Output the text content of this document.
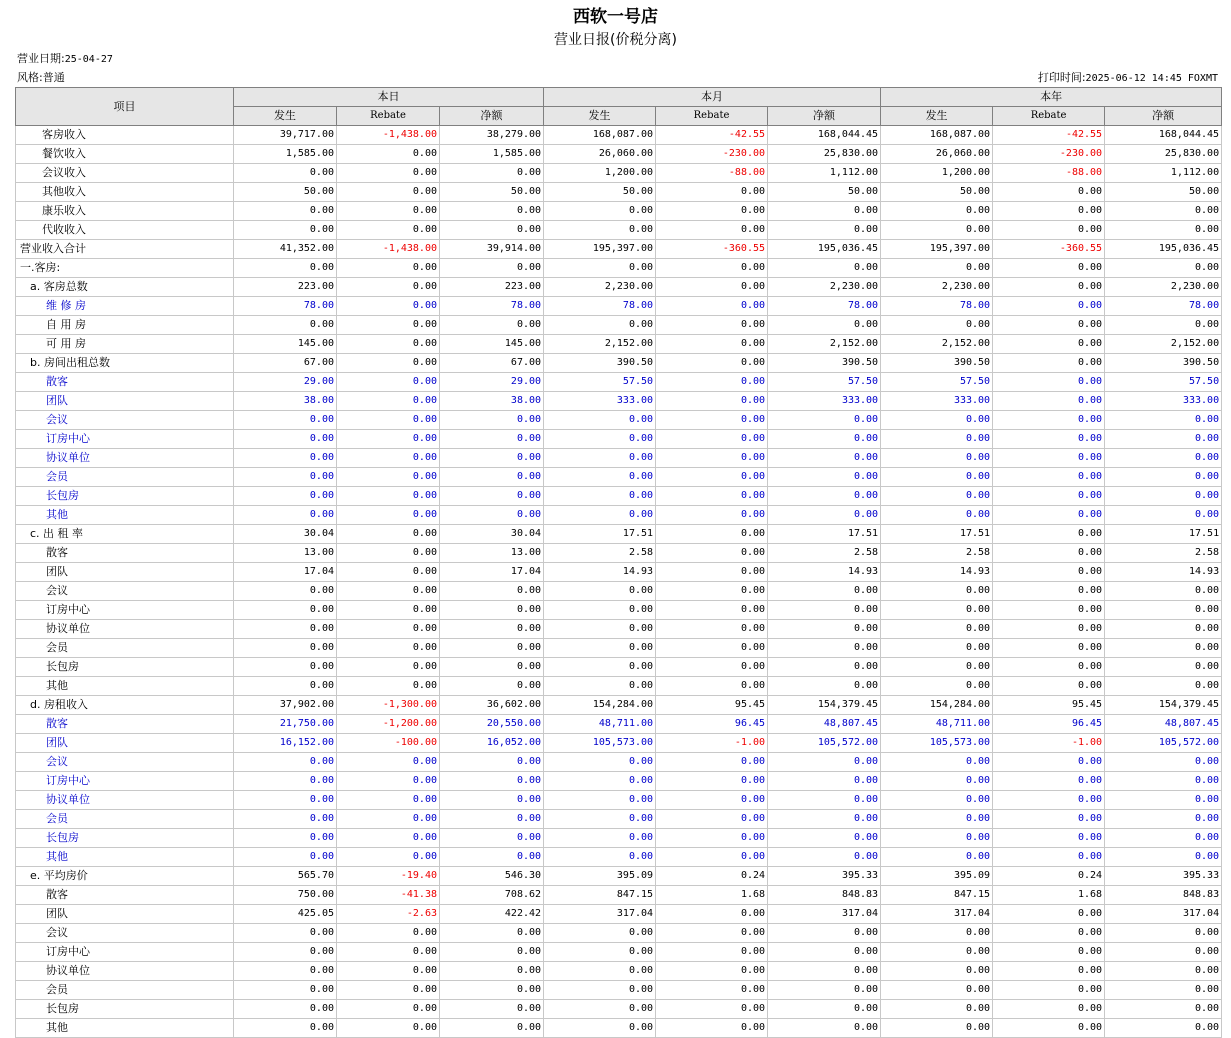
西软一号店
营业日报(价税分离)
营业日期:25-04-27
风格:普通	打印时间:2025-06-12 14:45 FOXMT
项目	本日			本月			本年		
	发生	Rebate	净额	发生	Rebate	净额	发生	Rebate	净额
客房收入	39,717.00	-1,438.00	38,279.00	168,087.00	-42.55	168,044.45	168,087.00	-42.55	168,044.45
餐饮收入	1,585.00	0.00	1,585.00	26,060.00	-230.00	25,830.00	26,060.00	-230.00	25,830.00
会议收入	0.00	0.00	0.00	1,200.00	-88.00	1,112.00	1,200.00	-88.00	1,112.00
其他收入	50.00	0.00	50.00	50.00	0.00	50.00	50.00	0.00	50.00
康乐收入	0.00	0.00	0.00	0.00	0.00	0.00	0.00	0.00	0.00
代收收入	0.00	0.00	0.00	0.00	0.00	0.00	0.00	0.00	0.00
营业收入合计	41,352.00	-1,438.00	39,914.00	195,397.00	-360.55	195,036.45	195,397.00	-360.55	195,036.45
一.客房:	0.00	0.00	0.00	0.00	0.00	0.00	0.00	0.00	0.00
a. 客房总数	223.00	0.00	223.00	2,230.00	0.00	2,230.00	2,230.00	0.00	2,230.00
维 修 房	78.00	0.00	78.00	78.00	0.00	78.00	78.00	0.00	78.00
自 用 房	0.00	0.00	0.00	0.00	0.00	0.00	0.00	0.00	0.00
可 用 房	145.00	0.00	145.00	2,152.00	0.00	2,152.00	2,152.00	0.00	2,152.00
b. 房间出租总数	67.00	0.00	67.00	390.50	0.00	390.50	390.50	0.00	390.50
散客	29.00	0.00	29.00	57.50	0.00	57.50	57.50	0.00	57.50
团队	38.00	0.00	38.00	333.00	0.00	333.00	333.00	0.00	333.00
会议	0.00	0.00	0.00	0.00	0.00	0.00	0.00	0.00	0.00
订房中心	0.00	0.00	0.00	0.00	0.00	0.00	0.00	0.00	0.00
协议单位	0.00	0.00	0.00	0.00	0.00	0.00	0.00	0.00	0.00
会员	0.00	0.00	0.00	0.00	0.00	0.00	0.00	0.00	0.00
长包房	0.00	0.00	0.00	0.00	0.00	0.00	0.00	0.00	0.00
其他	0.00	0.00	0.00	0.00	0.00	0.00	0.00	0.00	0.00
c. 出 租 率	30.04	0.00	30.04	17.51	0.00	17.51	17.51	0.00	17.51
散客	13.00	0.00	13.00	2.58	0.00	2.58	2.58	0.00	2.58
团队	17.04	0.00	17.04	14.93	0.00	14.93	14.93	0.00	14.93
会议	0.00	0.00	0.00	0.00	0.00	0.00	0.00	0.00	0.00
订房中心	0.00	0.00	0.00	0.00	0.00	0.00	0.00	0.00	0.00
协议单位	0.00	0.00	0.00	0.00	0.00	0.00	0.00	0.00	0.00
会员	0.00	0.00	0.00	0.00	0.00	0.00	0.00	0.00	0.00
长包房	0.00	0.00	0.00	0.00	0.00	0.00	0.00	0.00	0.00
其他	0.00	0.00	0.00	0.00	0.00	0.00	0.00	0.00	0.00
d. 房租收入	37,902.00	-1,300.00	36,602.00	154,284.00	95.45	154,379.45	154,284.00	95.45	154,379.45
散客	21,750.00	-1,200.00	20,550.00	48,711.00	96.45	48,807.45	48,711.00	96.45	48,807.45
团队	16,152.00	-100.00	16,052.00	105,573.00	-1.00	105,572.00	105,573.00	-1.00	105,572.00
会议	0.00	0.00	0.00	0.00	0.00	0.00	0.00	0.00	0.00
订房中心	0.00	0.00	0.00	0.00	0.00	0.00	0.00	0.00	0.00
协议单位	0.00	0.00	0.00	0.00	0.00	0.00	0.00	0.00	0.00
会员	0.00	0.00	0.00	0.00	0.00	0.00	0.00	0.00	0.00
长包房	0.00	0.00	0.00	0.00	0.00	0.00	0.00	0.00	0.00
其他	0.00	0.00	0.00	0.00	0.00	0.00	0.00	0.00	0.00
e. 平均房价	565.70	-19.40	546.30	395.09	0.24	395.33	395.09	0.24	395.33
散客	750.00	-41.38	708.62	847.15	1.68	848.83	847.15	1.68	848.83
团队	425.05	-2.63	422.42	317.04	0.00	317.04	317.04	0.00	317.04
会议	0.00	0.00	0.00	0.00	0.00	0.00	0.00	0.00	0.00
订房中心	0.00	0.00	0.00	0.00	0.00	0.00	0.00	0.00	0.00
协议单位	0.00	0.00	0.00	0.00	0.00	0.00	0.00	0.00	0.00
会员	0.00	0.00	0.00	0.00	0.00	0.00	0.00	0.00	0.00
长包房	0.00	0.00	0.00	0.00	0.00	0.00	0.00	0.00	0.00
其他	0.00	0.00	0.00	0.00	0.00	0.00	0.00	0.00	0.00
